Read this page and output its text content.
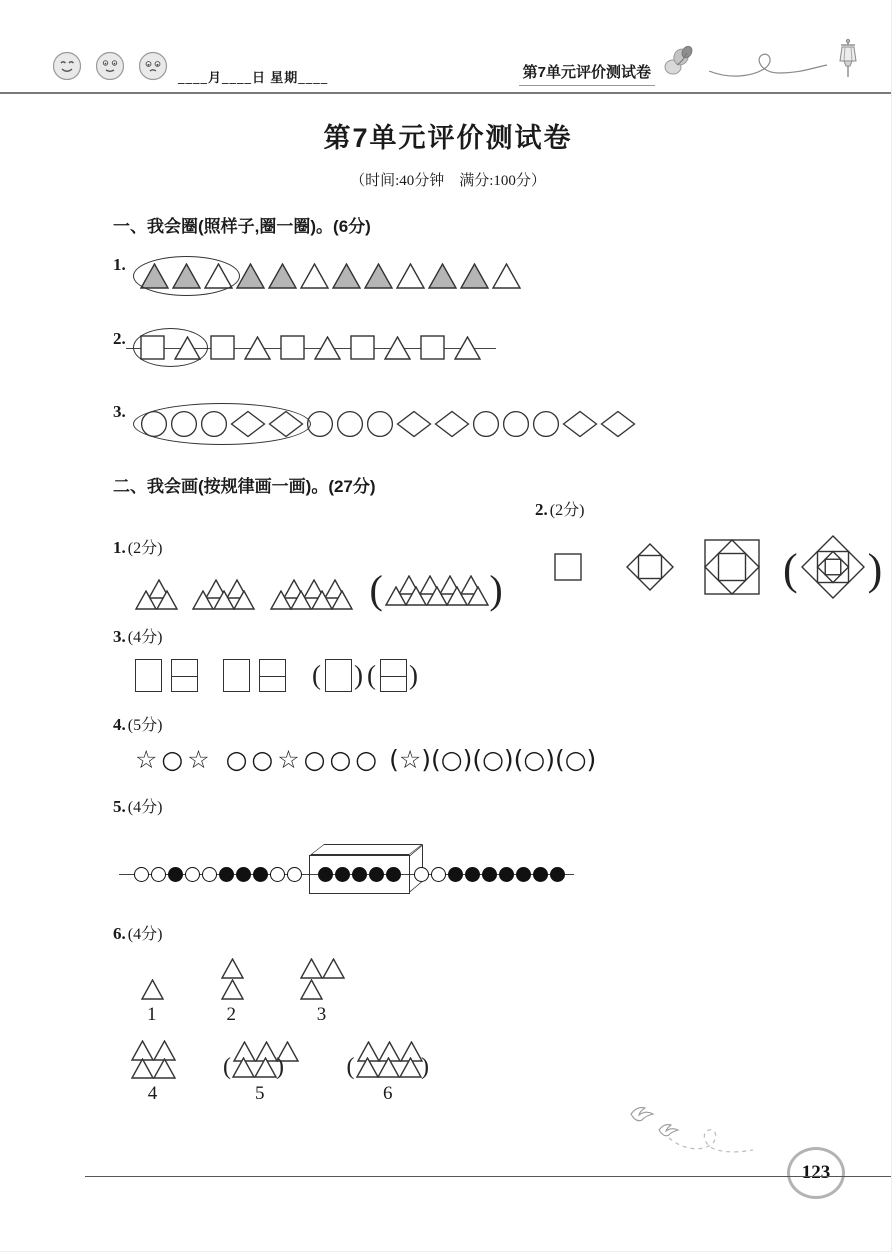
____月____日 星期____	第7单元评价测试卷
第7单元评价测试卷
（时间:40分钟　满分:100分）
一、我会圈(照样子,圈一圈)。(6分)
1.
2.
3.
二、我会画(按规律画一画)。(27分)
1. (2分)
(	)
2. (2分)
( )
3. (4分)
( ) ( )
4. (5分)
☆○☆ ○○☆○○○ (☆)(○)(○)(○)(○)
5. (4分)
6. (4分)
1	2	3
4
( )
5
(	)
6
123
